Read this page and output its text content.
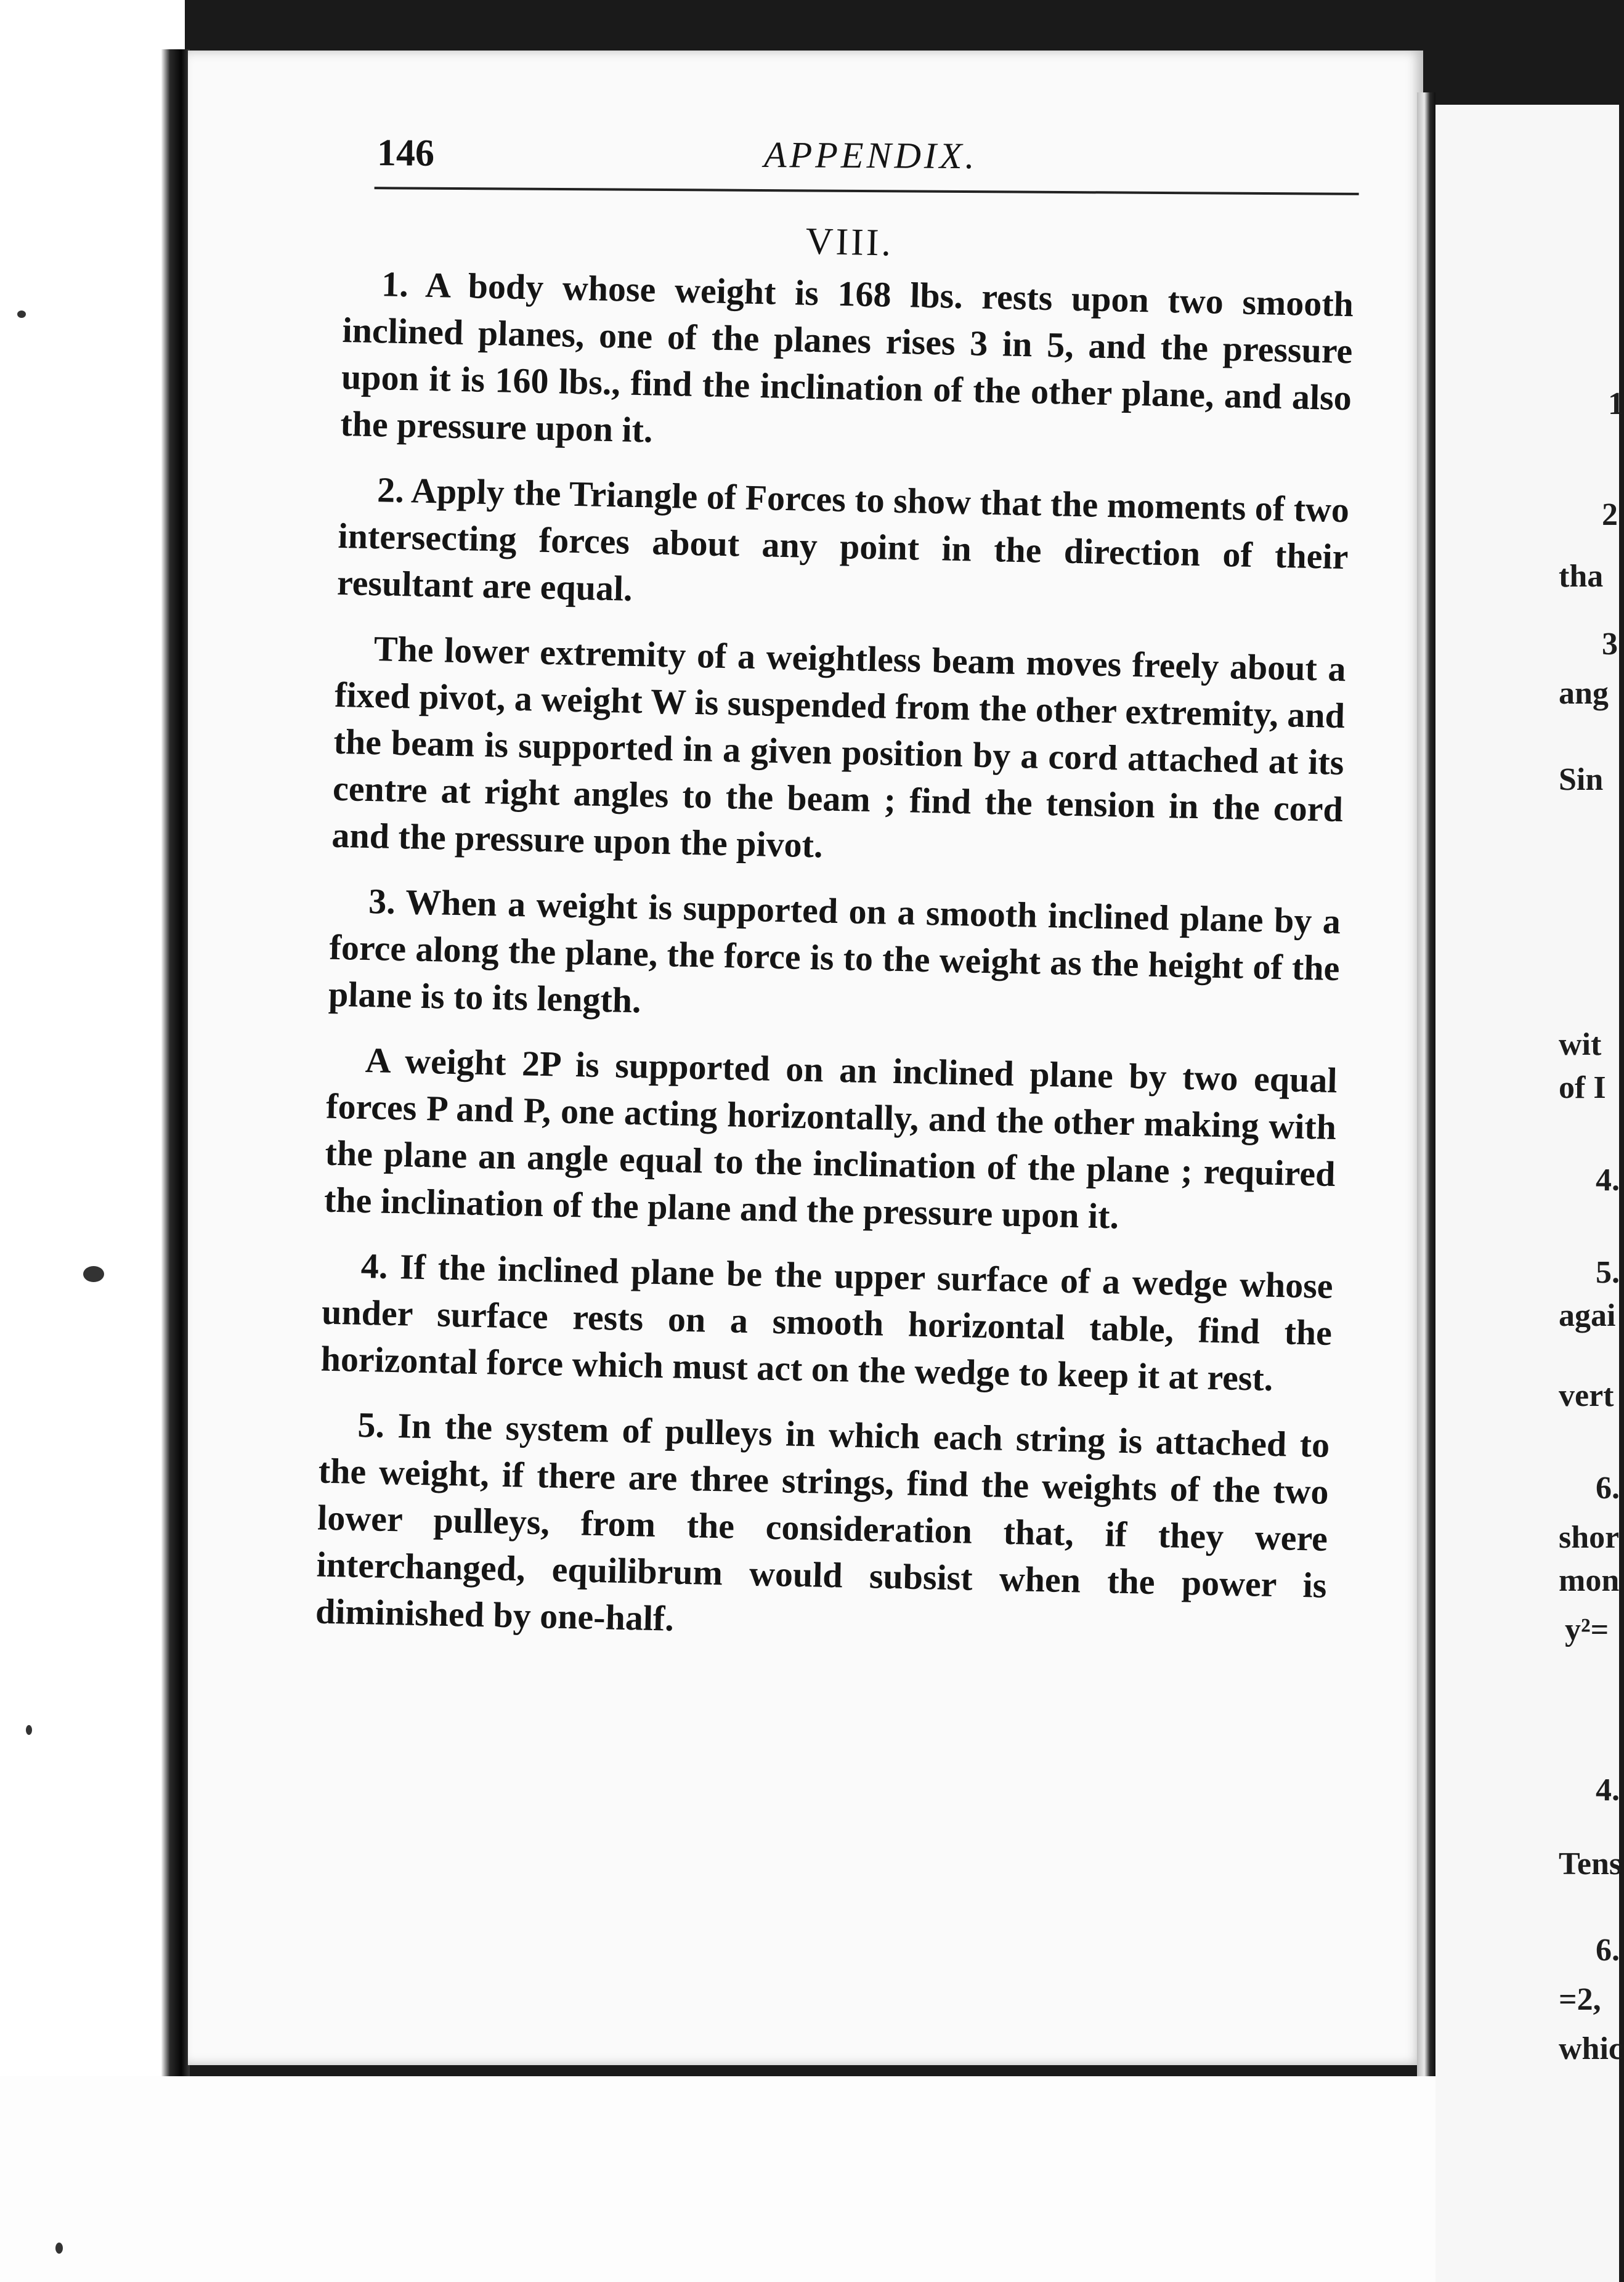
146	APPENDIX.
VIII.

1. A body whose weight is 168 lbs. rests upon two smooth inclined planes, one of the planes rises 3 in 5, and the pressure upon it is 160 lbs., find the inclination of the other plane, and also the pressure upon it.

2. Apply the Triangle of Forces to show that the moments of two intersecting forces about any point in the direction of their resultant are equal.

The lower extremity of a weightless beam moves freely about a fixed pivot, a weight W is suspended from the other extremity, and the beam is supported in a given position by a cord attached at its centre at right angles to the beam ; find the tension in the cord and the pressure upon the pivot.

3. When a weight is supported on a smooth inclined plane by a force along the plane, the force is to the weight as the height of the plane is to its length.

A weight 2P is supported on an inclined plane by two equal forces P and P, one acting horizontally, and the other making with the plane an angle equal to the inclination of the plane ; required the inclination of the plane and the pressure upon it.

4. If the inclined plane be the upper surface of a wedge whose under surface rests on a smooth horizontal table, find the horizontal force which must act on the wedge to keep it at rest.

5. In the system of pulleys in which each string is attached to the weight, if there are three strings, find the weights of the two lower pulleys, from the consideration that, if they were interchanged, equilibrum would subsist when the power is diminished by one-half.

1
2
tha
3
ang
Sin
wit
of I
4.
5.
agai
vert
6.
shor
mon
y²=
4.
Tens
6.
=2,
whic
